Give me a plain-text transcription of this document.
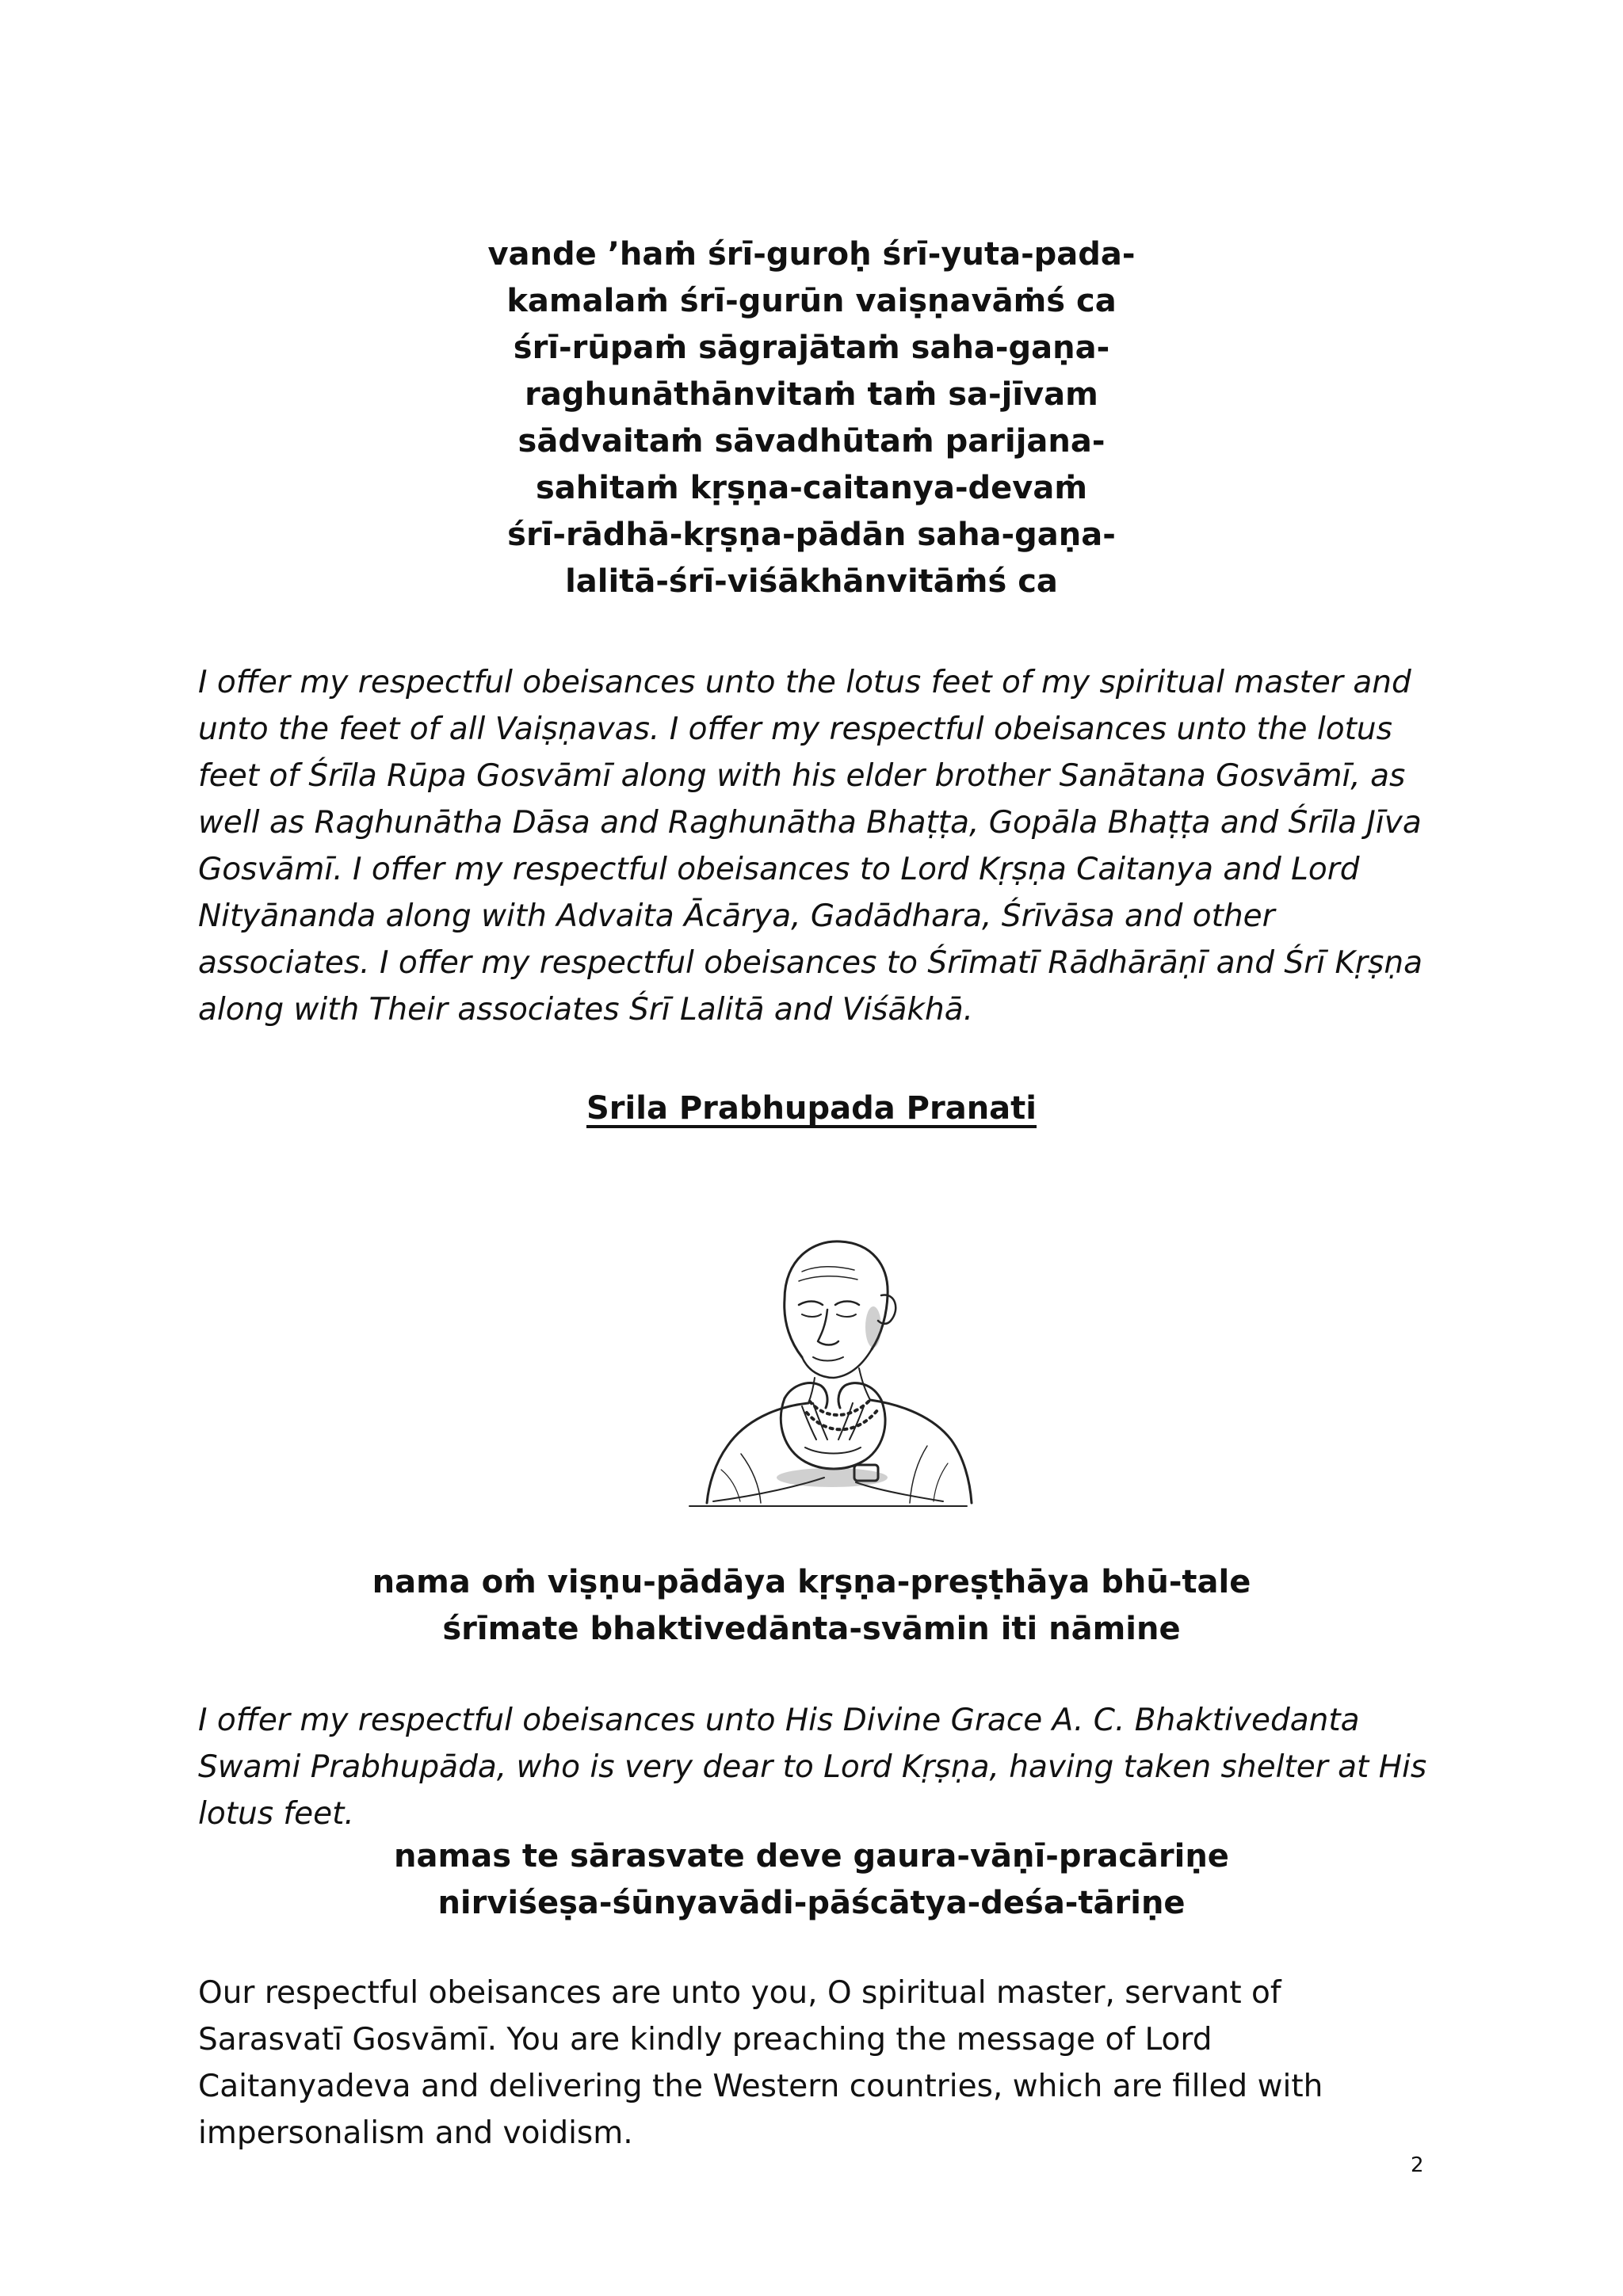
vande ’haṁ śrī-guroḥ śrī-yuta-pada-
kamalaṁ śrī-gurūn vaiṣṇavāṁś ca
śrī-rūpaṁ sāgrajātaṁ saha-gaṇa-
raghunāthānvitaṁ taṁ sa-jīvam
sādvaitaṁ sāvadhūtaṁ parijana-
sahitaṁ kṛṣṇa-caitanya-devaṁ
śrī-rādhā-kṛṣṇa-pādān saha-gaṇa-
lalitā-śrī-viśākhānvitāṁś ca

I offer my respectful obeisances unto the lotus feet of my spiritual master and unto the feet of all Vaiṣṇavas. I offer my respectful obeisances unto the lotus feet of Śrīla Rūpa Gosvāmī along with his elder brother Sanātana Gosvāmī, as well as Raghunātha Dāsa and Raghunātha Bhaṭṭa, Gopāla Bhaṭṭa and Śrīla Jīva Gosvāmī. I offer my respectful obeisances to Lord Kṛṣṇa Caitanya and Lord Nityānanda along with Advaita Ācārya, Gadādhara, Śrīvāsa and other associates. I offer my respectful obeisances to Śrīmatī Rādhārāṇī and Śrī Kṛṣṇa along with Their associates Śrī Lalitā and Viśākhā.

Srila Prabhupada Pranati
nama oṁ viṣṇu-pādāya kṛṣṇa-preṣṭhāya bhū-tale
śrīmate bhaktivedānta-svāmin iti nāmine

I offer my respectful obeisances unto His Divine Grace A. C. Bhaktivedanta Swami Prabhupāda, who is very dear to Lord Kṛṣṇa, having taken shelter at His lotus feet.

namas te sārasvate deve gaura-vāṇī-pracāriṇe
nirviśeṣa-śūnyavādi-pāścātya-deśa-tāriṇe

Our respectful obeisances are unto you, O spiritual master, servant of Sarasvatī Gosvāmī. You are kindly preaching the message of Lord Caitanyadeva and delivering the Western countries, which are filled with impersonalism and voidism.

2
